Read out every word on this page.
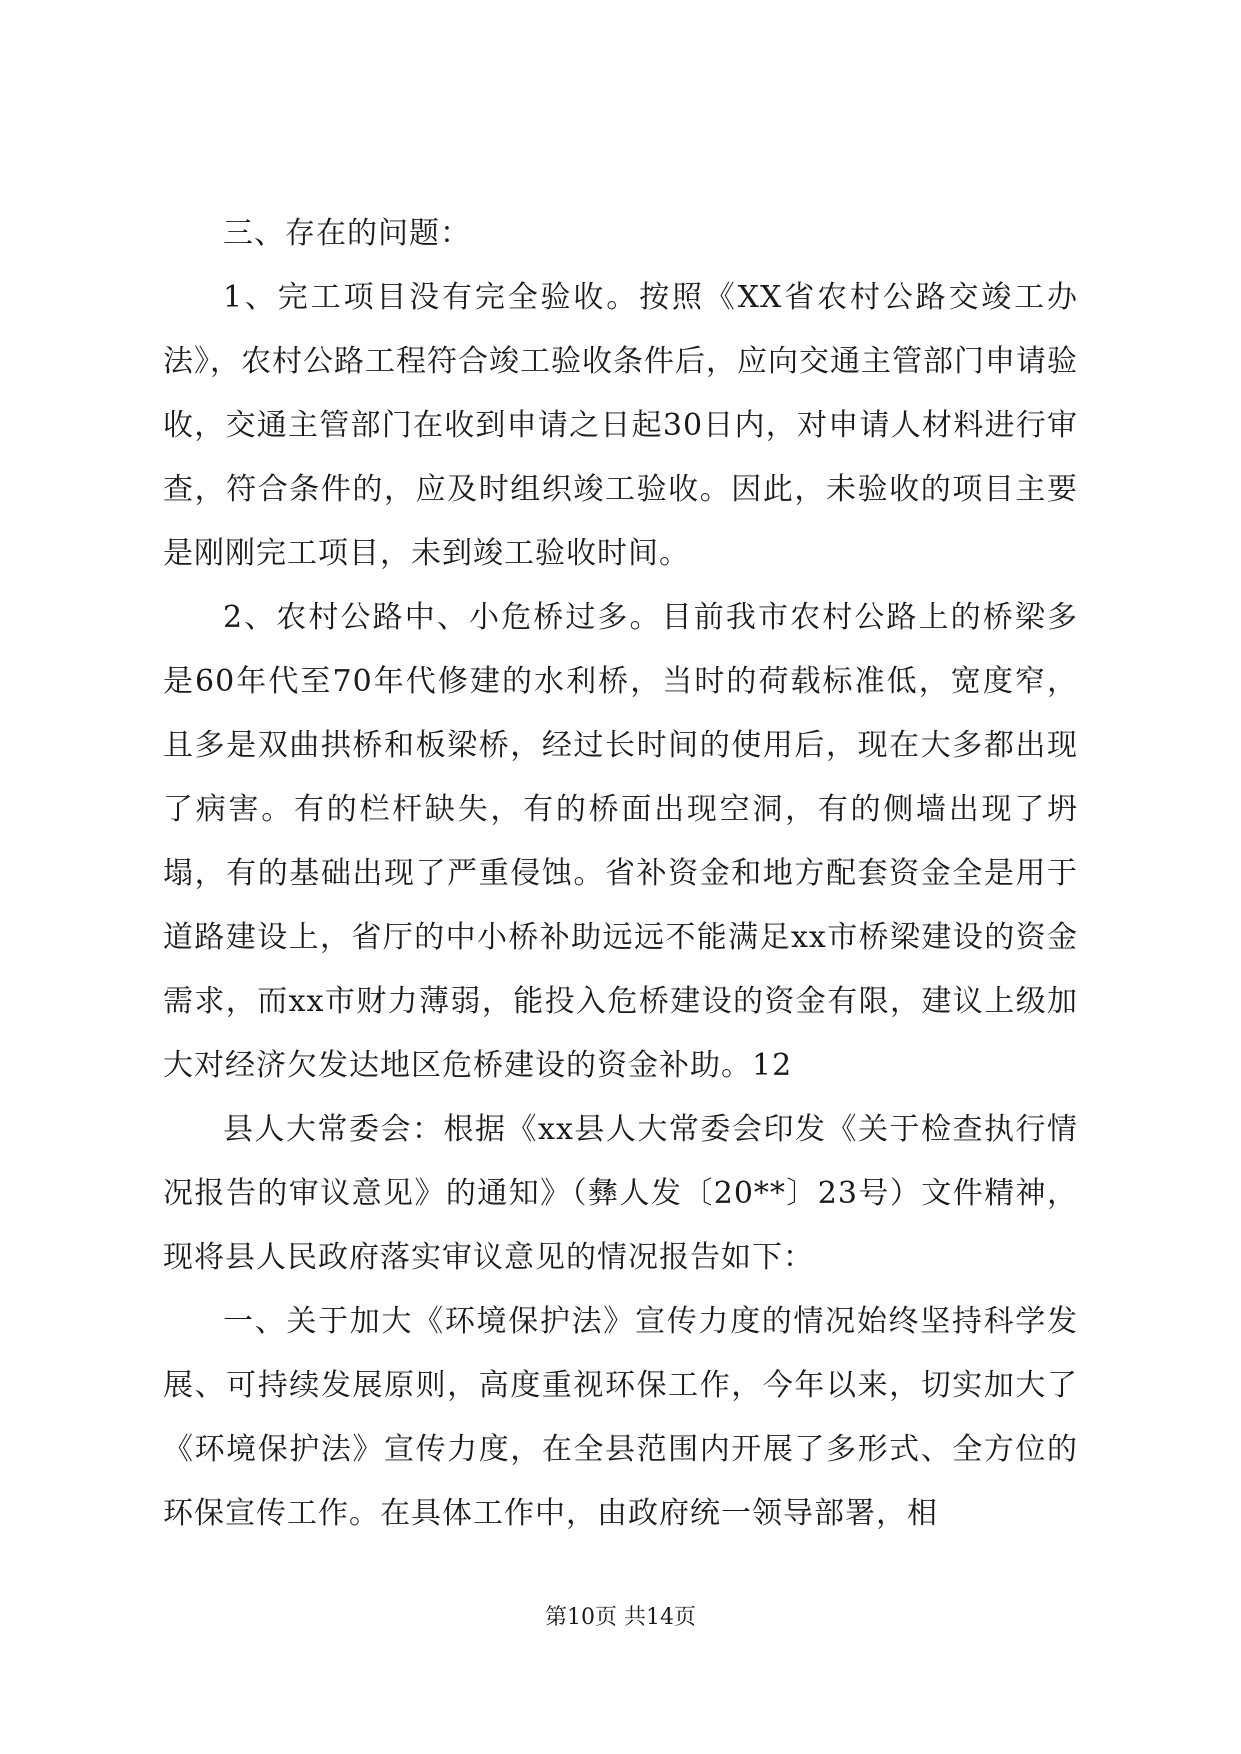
三、存在的问题：

1、完工项目没有完全验收。按照《XX省农村公路交竣工办法》，农村公路工程符合竣工验收条件后，应向交通主管部门申请验收，交通主管部门在收到申请之日起30日内，对申请人材料进行审查，符合条件的，应及时组织竣工验收。因此，未验收的项目主要是刚刚完工项目，未到竣工验收时间。

2、农村公路中、小危桥过多。目前我市农村公路上的桥梁多是60年代至70年代修建的水利桥，当时的荷载标准低，宽度窄，且多是双曲拱桥和板梁桥，经过长时间的使用后，现在大多都出现了病害。有的栏杆缺失，有的桥面出现空洞，有的侧墙出现了坍塌，有的基础出现了严重侵蚀。省补资金和地方配套资金全是用于道路建设上，省厅的中小桥补助远远不能满足xx市桥梁建设的资金需求，而xx市财力薄弱，能投入危桥建设的资金有限，建议上级加大对经济欠发达地区危桥建设的资金补助。12

县人大常委会：根据《xx县人大常委会印发《关于检查执行情况报告的审议意见》的通知》（彝人发〔20**〕23号）文件精神，现将县人民政府落实审议意见的情况报告如下：

一、关于加大《环境保护法》宣传力度的情况始终坚持科学发展、可持续发展原则，高度重视环保工作，今年以来，切实加大了《环境保护法》宣传力度，在全县范围内开展了多形式、全方位的环保宣传工作。在具体工作中，由政府统一领导部署，相

第10页 共14页
